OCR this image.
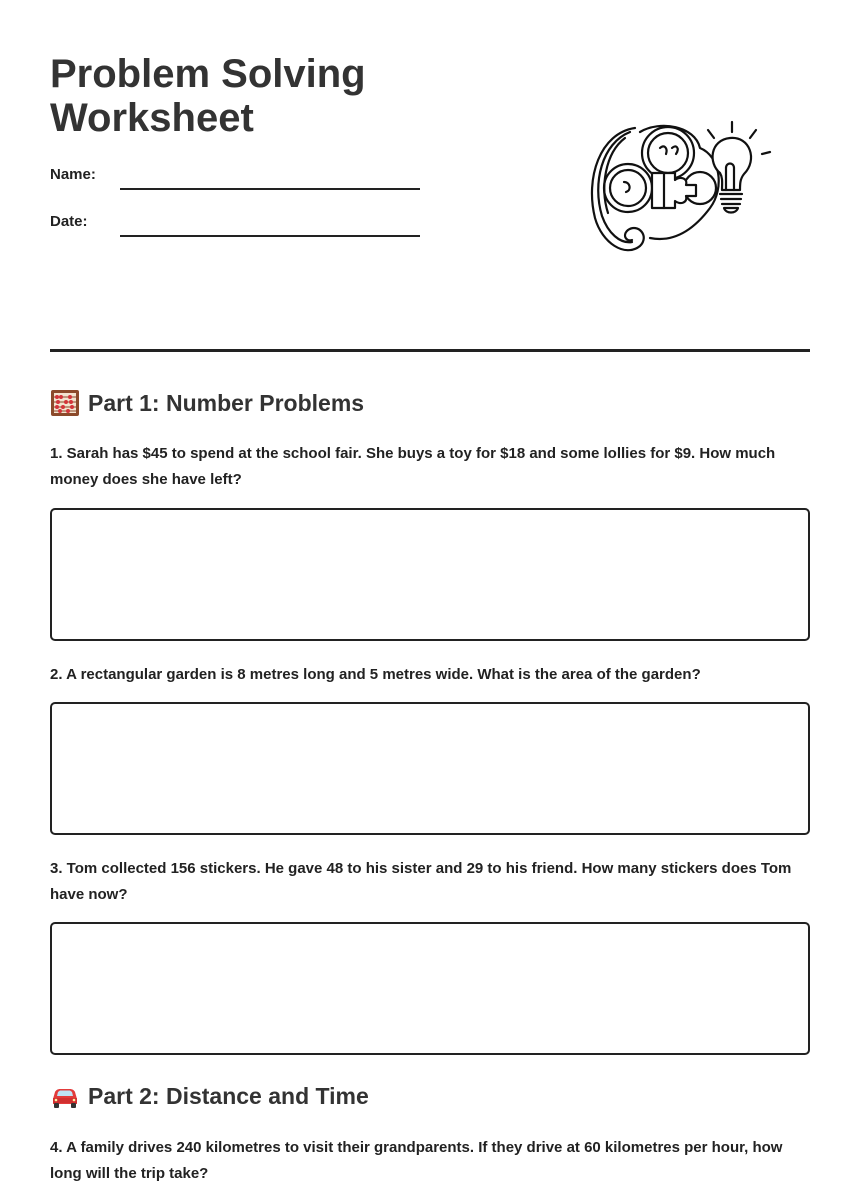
Problem Solving Worksheet
Name:
Date:
Part 1: Number Problems
1. Sarah has $45 to spend at the school fair. She buys a toy for $18 and some lollies for $9. How much money does she have left?
2. A rectangular garden is 8 metres long and 5 metres wide. What is the area of the garden?
3. Tom collected 156 stickers. He gave 48 to his sister and 29 to his friend. How many stickers does Tom have now?
Part 2: Distance and Time
4. A family drives 240 kilometres to visit their grandparents. If they drive at 60 kilometres per hour, how long will the trip take?
